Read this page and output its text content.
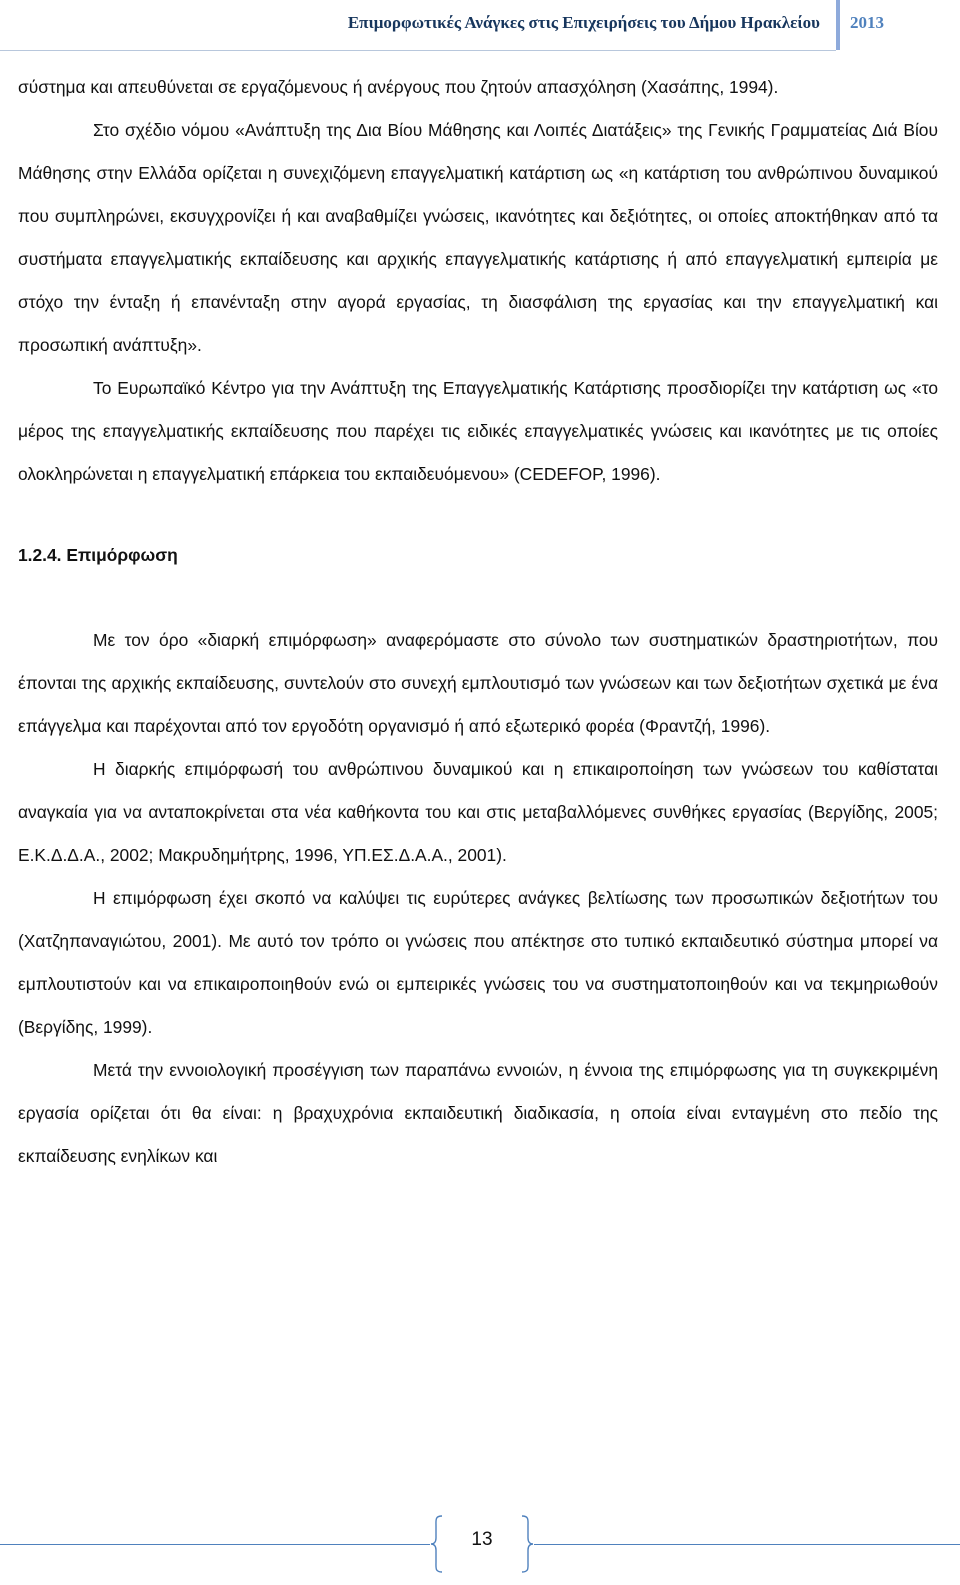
Επιμορφωτικές Ανάγκες στις Επιχειρήσεις του Δήμου Ηρακλείου 2013

σύστημα και απευθύνεται σε εργαζόμενους ή ανέργους που ζητούν απασχόληση (Χασάπης, 1994).

Στο σχέδιο νόμου «Ανάπτυξη της Δια Βίου Μάθησης και Λοιπές Διατάξεις» της Γενικής Γραμματείας Διά Βίου Μάθησης στην Ελλάδα ορίζεται η συνεχιζόμενη επαγγελματική κατάρτιση ως «η κατάρτιση του ανθρώπινου δυναμικού που συμπληρώνει, εκσυγχρονίζει ή και αναβαθμίζει γνώσεις, ικανότητες και δεξιότητες, οι οποίες αποκτήθηκαν από τα συστήματα επαγγελματικής εκπαίδευσης και αρχικής επαγγελματικής κατάρτισης ή από επαγγελματική εμπειρία με στόχο την ένταξη ή επανένταξη στην αγορά εργασίας, τη διασφάλιση της εργασίας και την επαγγελματική και προσωπική ανάπτυξη».

Το Ευρωπαϊκό Κέντρο για την Ανάπτυξη της Επαγγελματικής Κατάρτισης προσδιορίζει την κατάρτιση ως «το μέρος της επαγγελματικής εκπαίδευσης που παρέχει τις ειδικές επαγγελματικές γνώσεις και ικανότητες με τις οποίες ολοκληρώνεται η επαγγελματική επάρκεια του εκπαιδευόμενου» (CEDEFOP, 1996).

1.2.4. Επιμόρφωση

Με τον όρο «διαρκή επιμόρφωση» αναφερόμαστε στο σύνολο των συστηματικών δραστηριοτήτων, που έπονται της αρχικής εκπαίδευσης, συντελούν στο συνεχή εμπλουτισμό των γνώσεων και των δεξιοτήτων σχετικά με ένα επάγγελμα και παρέχονται από τον εργοδότη οργανισμό ή από εξωτερικό φορέα (Φραντζή, 1996).

Η διαρκής επιμόρφωσή του ανθρώπινου δυναμικού και η επικαιροποίηση των γνώσεων του καθίσταται αναγκαία για να ανταποκρίνεται στα νέα καθήκοντα του και στις μεταβαλλόμενες συνθήκες εργασίας (Βεργίδης, 2005; Ε.Κ.Δ.Δ.Α., 2002; Μακρυδημήτρης, 1996, ΥΠ.ΕΣ.Δ.Α.Α., 2001).

Η επιμόρφωση έχει σκοπό να καλύψει τις ευρύτερες ανάγκες βελτίωσης των προσωπικών δεξιοτήτων του (Χατζηπαναγιώτου, 2001). Με αυτό τον τρόπο οι γνώσεις που απέκτησε στο τυπικό εκπαιδευτικό σύστημα μπορεί να εμπλουτιστούν και να επικαιροποιηθούν ενώ οι εμπειρικές γνώσεις του να συστηματοποιηθούν και να τεκμηριωθούν (Βεργίδης, 1999).

Μετά την εννοιολογική προσέγγιση των παραπάνω εννοιών, η έννοια της επιμόρφωσης για τη συγκεκριμένη εργασία ορίζεται ότι θα είναι: η βραχυχρόνια εκπαιδευτική διαδικασία, η οποία είναι ενταγμένη στο πεδίο της εκπαίδευσης ενηλίκων και

13
